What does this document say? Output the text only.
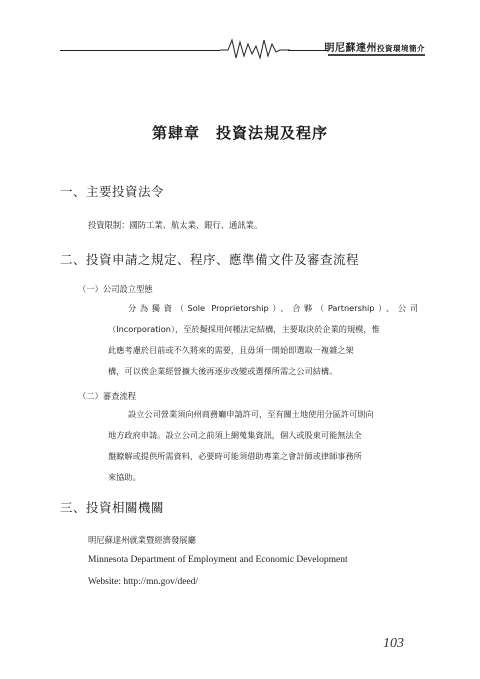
明尼蘇達州投資環境簡介
第肆章　投資法規及程序
一、主要投資法令
投資限制：國防工業、航太業、銀行、通訊業。
二、投資申請之規定、程序、應準備文件及審查流程
（一）公司設立型態
分為獨資（Sole Proprietorship）、合夥（Partnership）、公司
（Incorporation），至於擬採用何種法定結構，主要取決於企業的規模，惟
此應考慮於目前或不久將來的需要，且毋須一開始即選取一複雜之架
構，可以俟企業經營擴大後再逐步改變或選擇所需之公司結構。
（二）審查流程
設立公司營業須向州商務廳申請許可，至有關土地使用分區許可則向
地方政府申請。設立公司之前須上網蒐集資訊，個人或股東可能無法全
盤瞭解或提供所需資料，必要時可能須借助專業之會計師或律師事務所
來協助。
三、投資相關機關
明尼蘇達州就業暨經濟發展廳
Minnesota Department of Employment and Economic Development
Website: http://mn.gov/deed/
103
